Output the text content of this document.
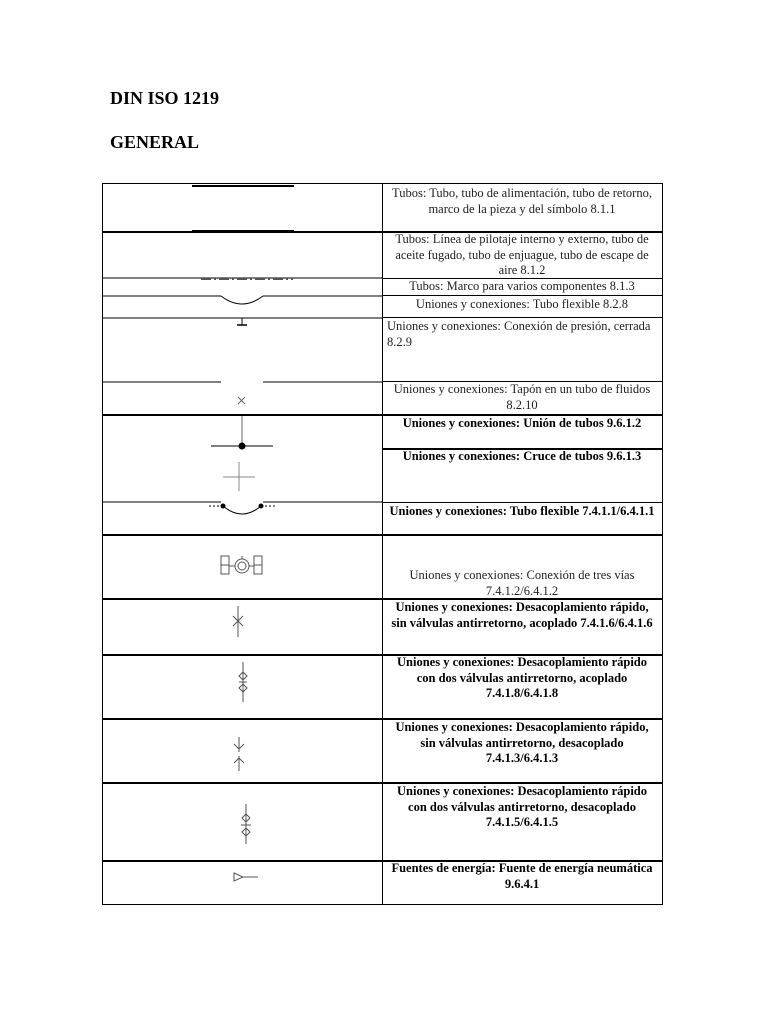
DIN ISO 1219
GENERAL
Tubos: Tubo, tubo de alimentación, tubo de retorno, marco de la pieza y del símbolo 8.1.1
Tubos: Línea de pilotaje interno y externo, tubo de aceite fugado, tubo de enjuague, tubo de escape de aire 8.1.2
Tubos: Marco para varios componentes 8.1.3
Uniones y conexiones: Tubo flexible 8.2.8
Uniones y conexiones: Conexión de presión, cerrada 8.2.9
Uniones y conexiones: Tapón en un tubo de fluidos 8.2.10
Uniones y conexiones: Unión de tubos 9.6.1.2
Uniones y conexiones: Cruce de tubos 9.6.1.3
Uniones y conexiones: Tubo flexible 7.4.1.1/6.4.1.1
Uniones y conexiones: Conexión de tres vías 7.4.1.2/6.4.1.2
Uniones y conexiones: Desacoplamiento rápido, sin válvulas antirretorno, acoplado 7.4.1.6/6.4.1.6
Uniones y conexiones: Desacoplamiento rápido con dos válvulas antirretorno, acoplado 7.4.1.8/6.4.1.8
Uniones y conexiones: Desacoplamiento rápido, sin válvulas antirretorno, desacoplado 7.4.1.3/6.4.1.3
Uniones y conexiones: Desacoplamiento rápido con dos válvulas antirretorno, desacoplado 7.4.1.5/6.4.1.5
Fuentes de energía: Fuente de energía neumática 9.6.4.1
